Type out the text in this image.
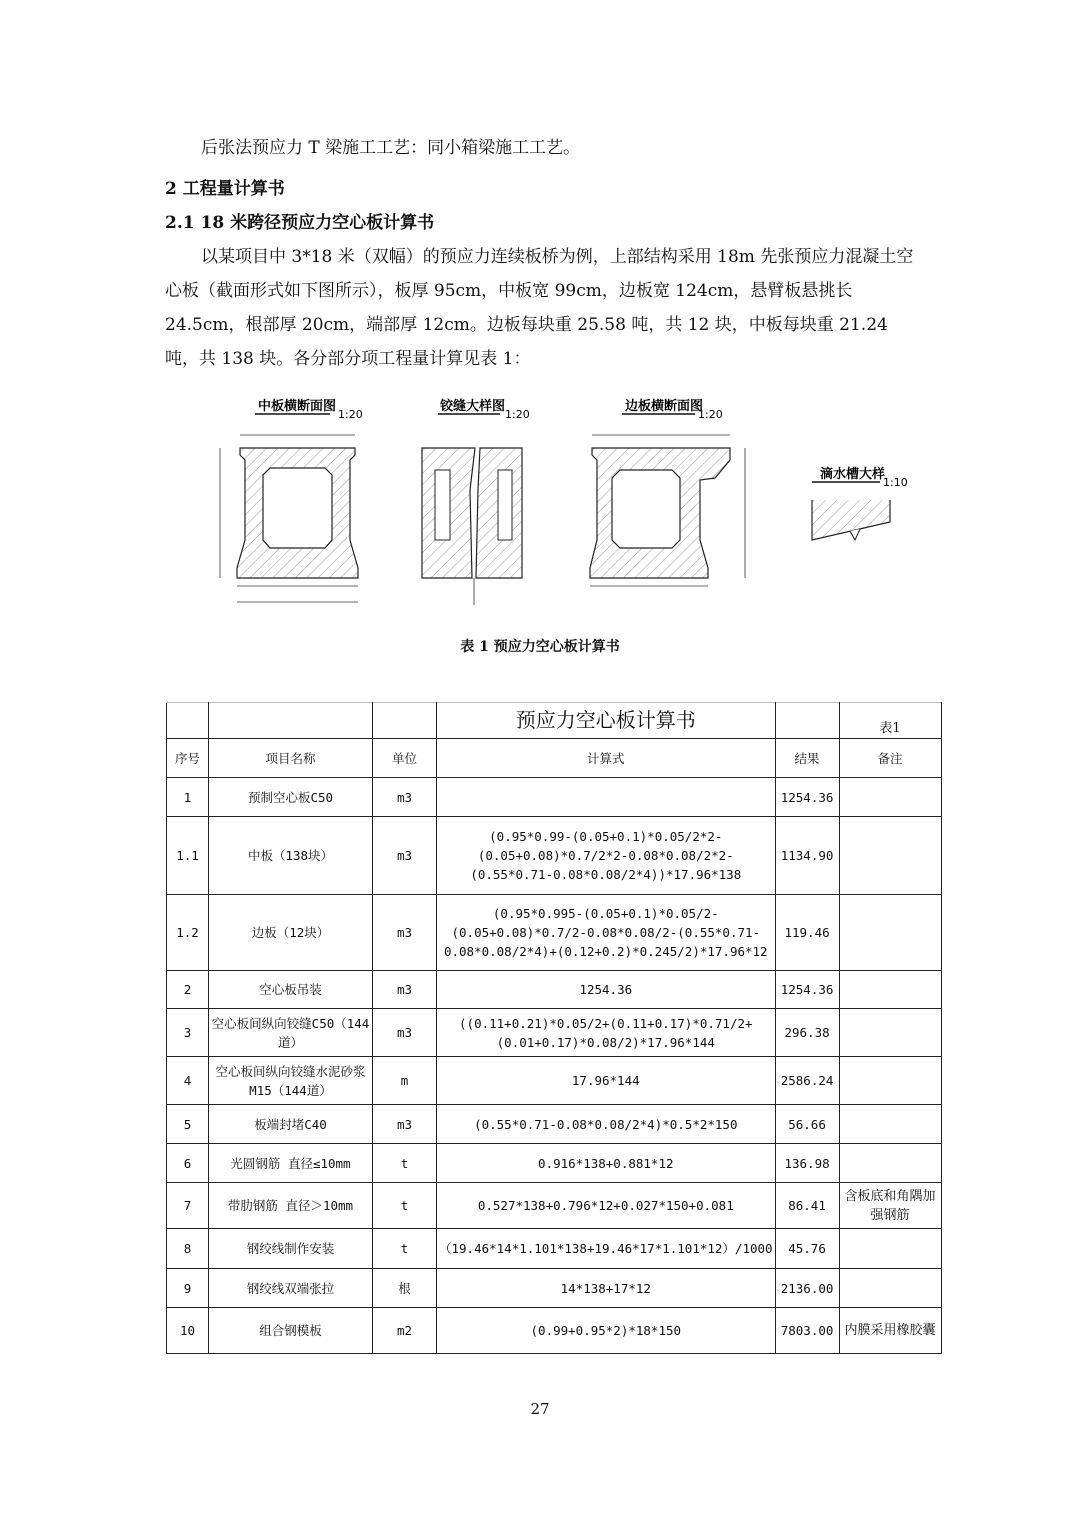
后张法预应力 T 梁施工工艺：同小箱梁施工工艺。
2 工程量计算书
2.1 18 米跨径预应力空心板计算书
以某项目中 3*18 米（双幅）的预应力连续板桥为例，上部结构采用 18m 先张预应力混凝土空心板（截面形式如下图所示），板厚 95cm，中板宽 99cm，边板宽 124cm，悬臂板悬挑长 24.5cm，根部厚 20cm，端部厚 12cm。边板每块重 25.58 吨，共 12 块，中板每块重 21.24 吨，共 138 块。各分部分项工程量计算见表 1：
中板横断面图
1:20
铰缝大样图
1:20
边板横断面图
1:20
滴水槽大样
1:10
表 1 预应力空心板计算书
			预应力空心板计算书		表1
序号	项目名称	单位	计算式	结果	备注
1	预制空心板C50	m3		1254.36	
1.1	中板（138块）	m3	(0.95*0.99-(0.05+0.1)*0.05/2*2-(0.05+0.08)*0.7/2*2-0.08*0.08/2*2-(0.55*0.71-0.08*0.08/2*4))*17.96*138	1134.90	
1.2	边板（12块）	m3	(0.95*0.995-(0.05+0.1)*0.05/2-(0.05+0.08)*0.7/2-0.08*0.08/2-(0.55*0.71-0.08*0.08/2*4)+(0.12+0.2)*0.245/2)*17.96*12	119.46	
2	空心板吊装	m3	1254.36	1254.36	
3	空心板间纵向铰缝C50（144道）	m3	((0.11+0.21)*0.05/2+(0.11+0.17)*0.71/2+(0.01+0.17)*0.08/2)*17.96*144	296.38	
4	空心板间纵向铰缝水泥砂浆M15（144道）	m	17.96*144	2586.24	
5	板端封堵C40	m3	(0.55*0.71-0.08*0.08/2*4)*0.5*2*150	56.66	
6	光圆钢筋 直径≤10mm	t	0.916*138+0.881*12	136.98	
7	带肋钢筋 直径＞10mm	t	0.527*138+0.796*12+0.027*150+0.081	86.41	含板底和角隅加强钢筋
8	钢绞线制作安装	t	（19.46*14*1.101*138+19.46*17*1.101*12）/1000	45.76	
9	钢绞线双端张拉	根	14*138+17*12	2136.00	
10	组合钢模板	m2	(0.99+0.95*2)*18*150	7803.00	内膜采用橡胶囊
27
